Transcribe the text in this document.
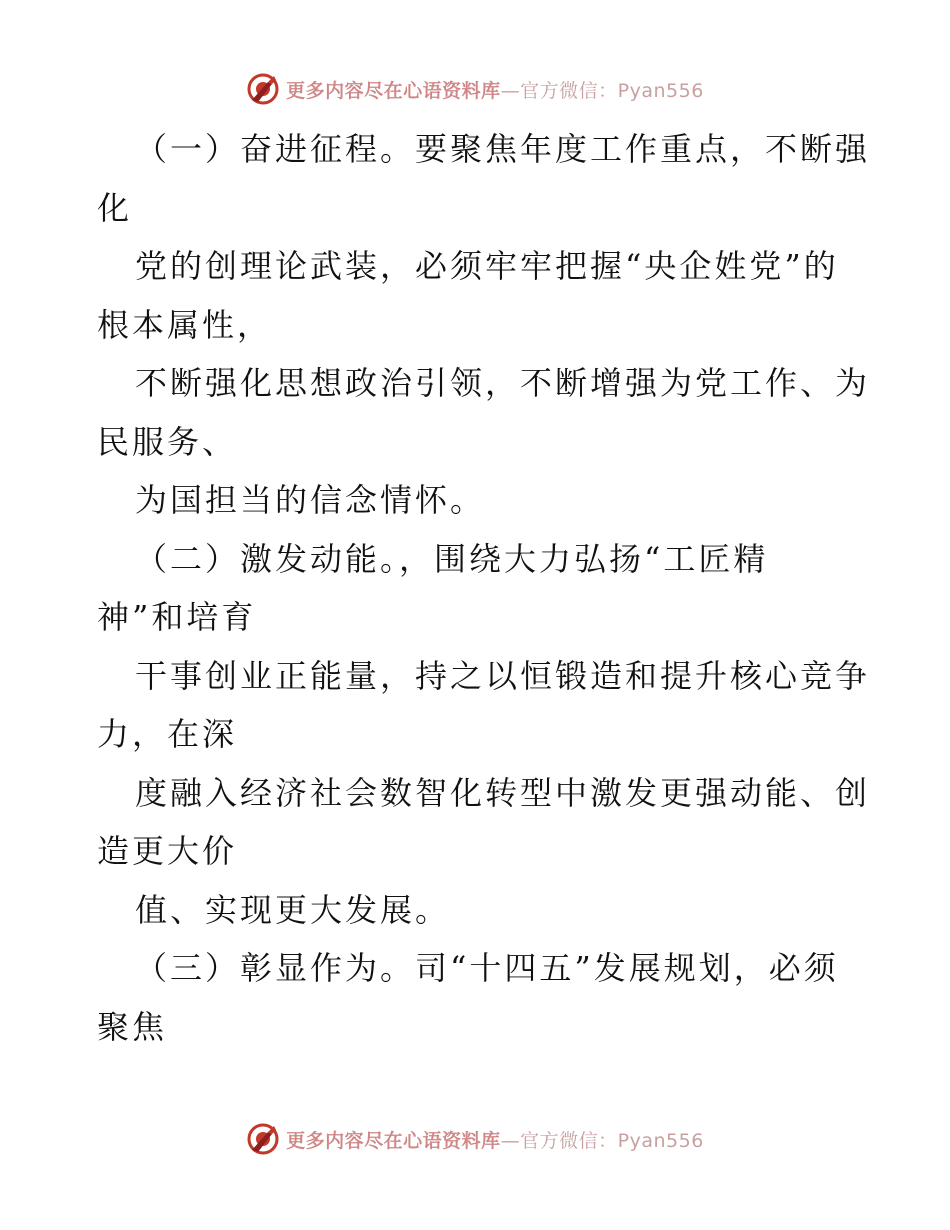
更多内容尽在心语资料库—官方微信：Pyan556
（一）奋进征程。要聚焦年度工作重点，不断强
化
党的创理论武装，必须牢牢把握“央企姓党”的
根本属性，
不断强化思想政治引领，不断增强为党工作、为
民服务、
为国担当的信念情怀。
（二）激发动能。，围绕大力弘扬“工匠精
神”和培育
干事创业正能量，持之以恒锻造和提升核心竞争
力，在深
度融入经济社会数智化转型中激发更强动能、创
造更大价
值、实现更大发展。
（三）彰显作为。司“十四五”发展规划，必须
聚焦
更多内容尽在心语资料库—官方微信：Pyan556
